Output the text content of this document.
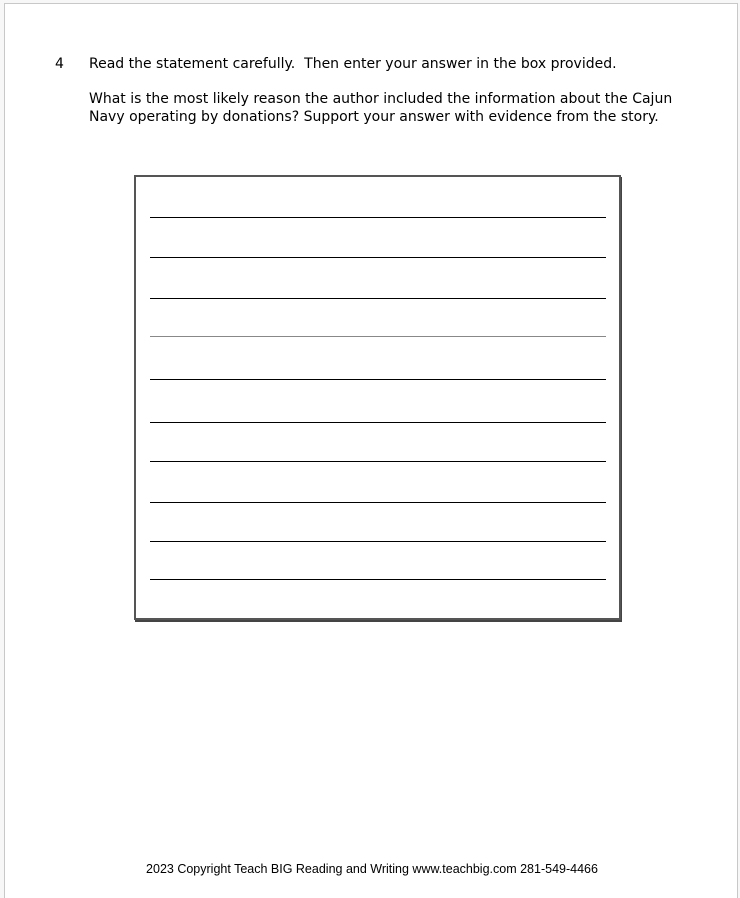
4 Read the statement carefully.  Then enter your answer in the box provided.
What is the most likely reason the author included the information about the Cajun Navy operating by donations? Support your answer with evidence from the story.
2023 Copyright Teach BIG Reading and Writing www.teachbig.com 281-549-4466
